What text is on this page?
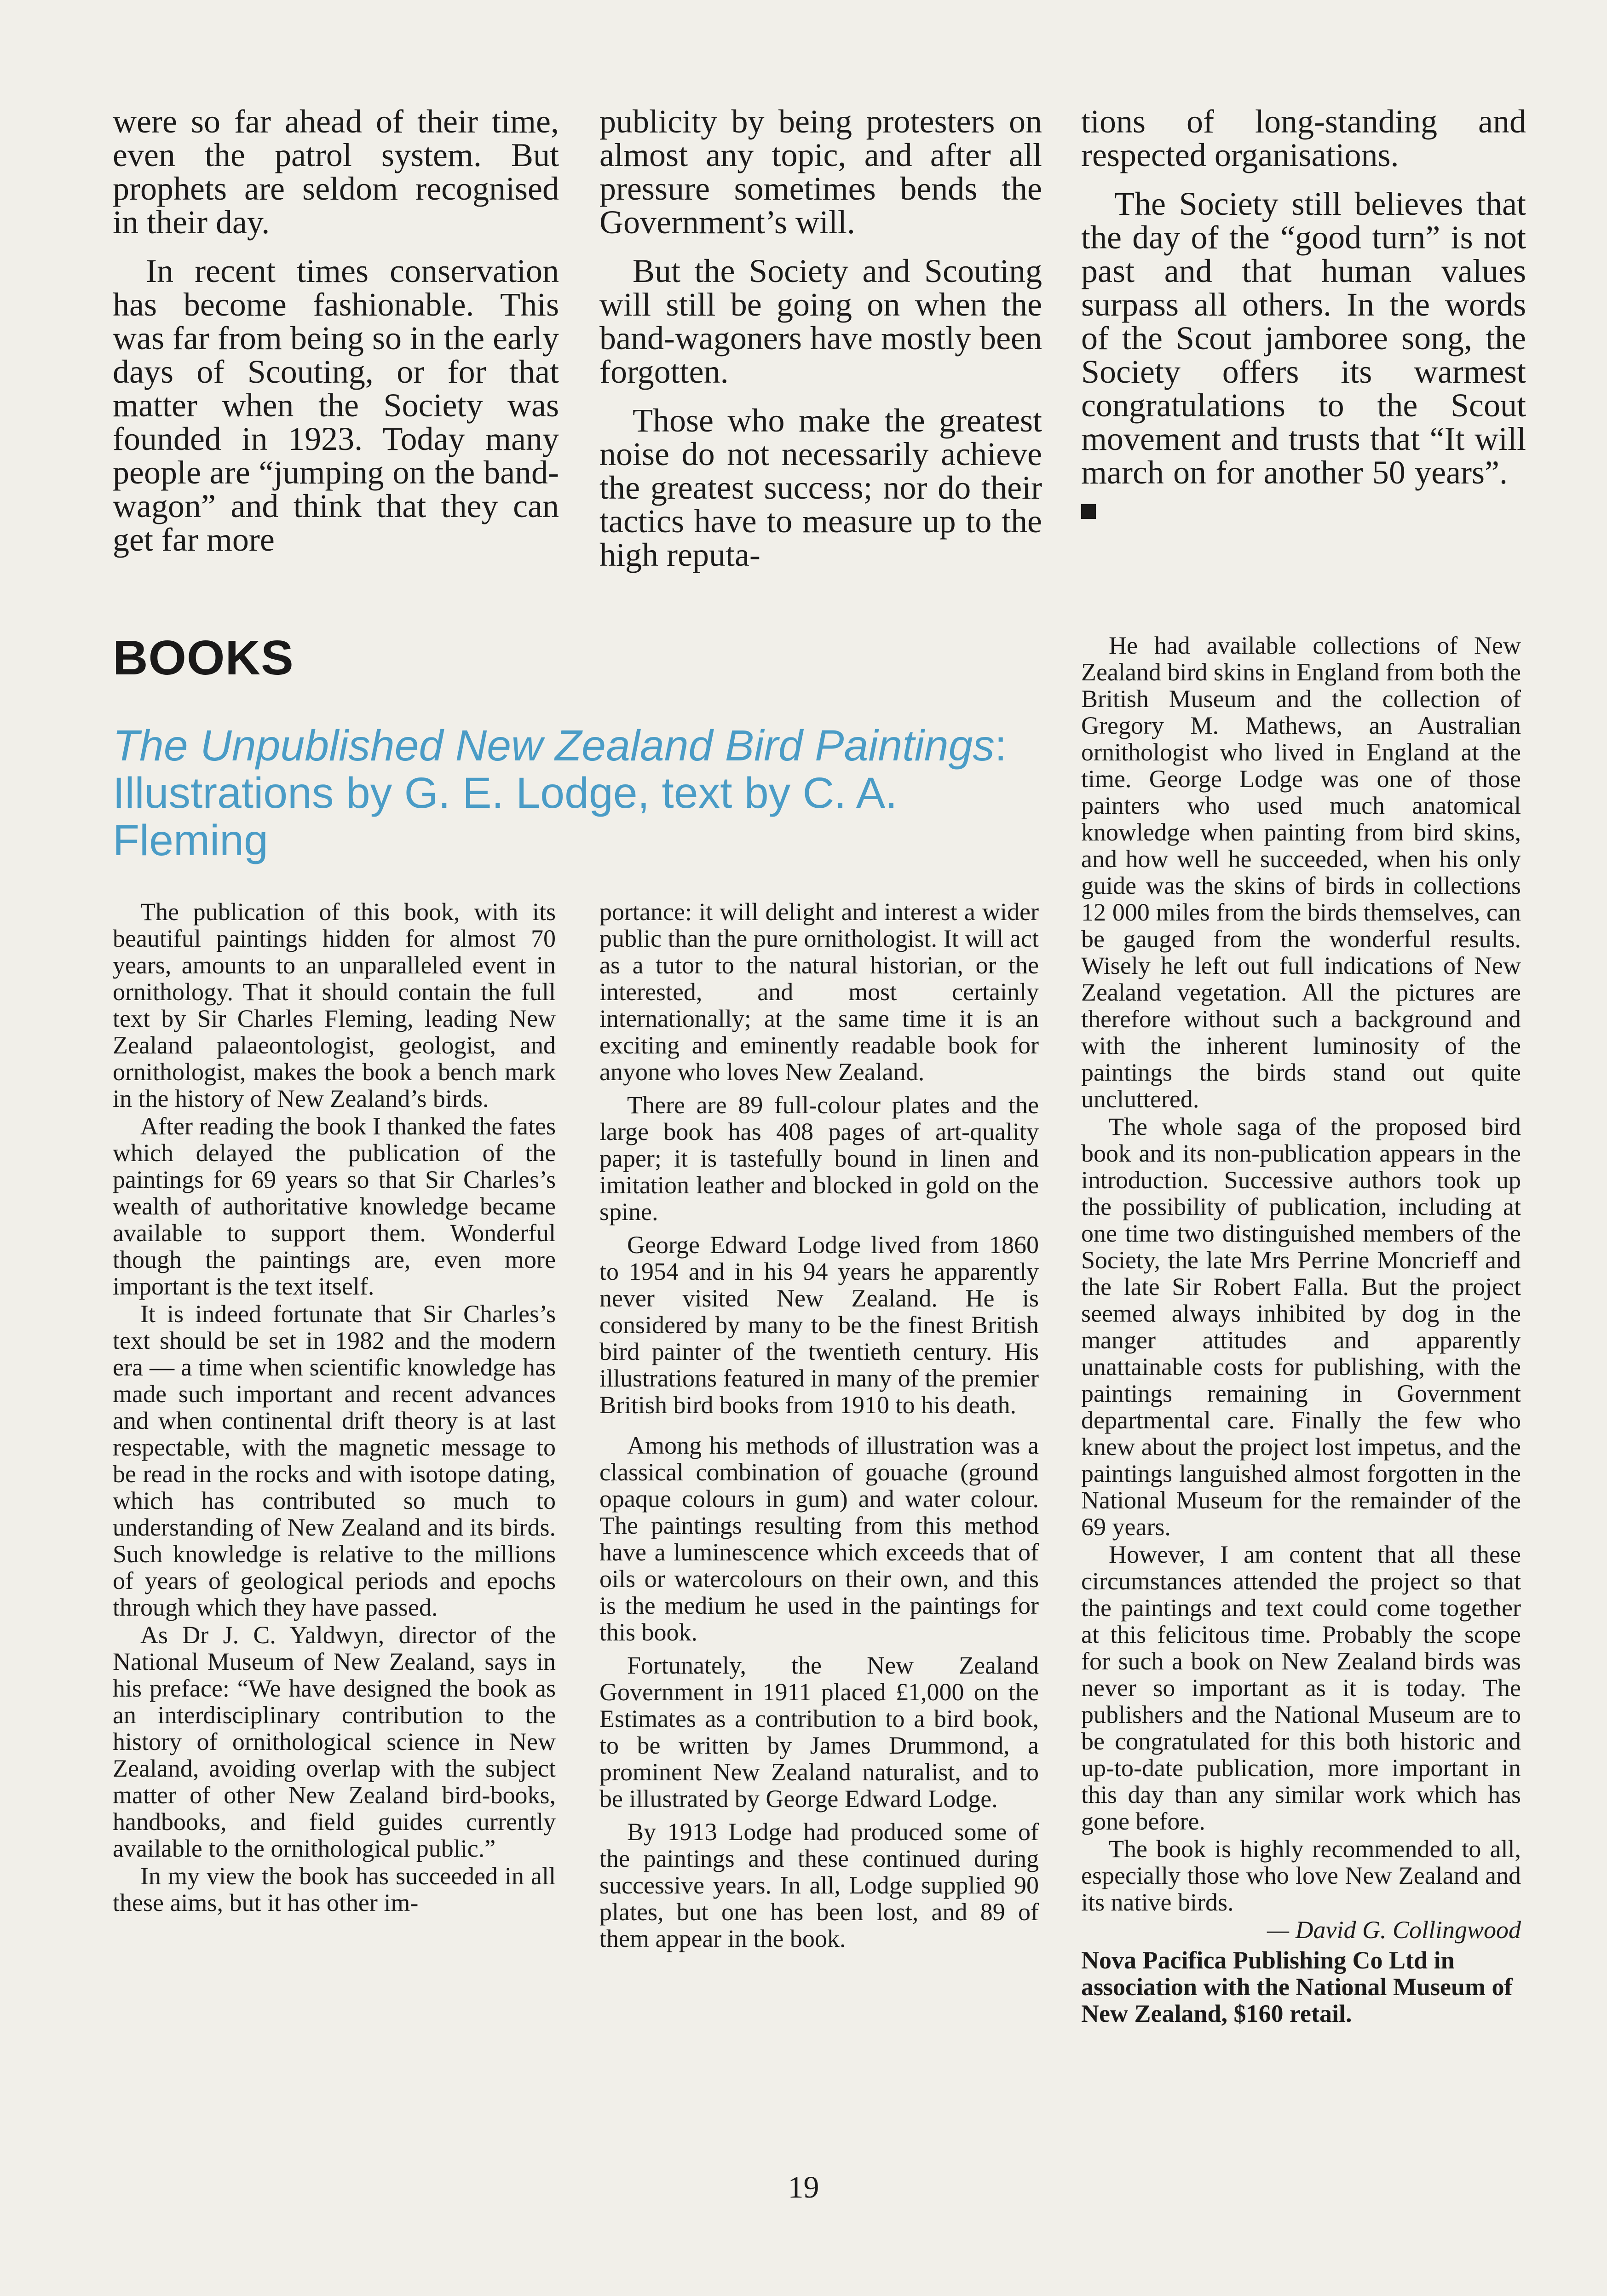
were so far ahead of their time, even the patrol system. But prophets are seldom recognised in their day.

In recent times conservation has become fashionable. This was far from being so in the early days of Scouting, or for that matter when the Society was founded in 1923. Today many people are “jumping on the band-wagon” and think that they can get far more

publicity by being protesters on almost any topic, and after all pressure sometimes bends the Government’s will.

But the Society and Scouting will still be going on when the band-wagoners have mostly been forgotten.

Those who make the greatest noise do not necessarily achieve the greatest success; nor do their tactics have to measure up to the high reputa-

tions of long-standing and respected organisations.

The Society still believes that the day of the “good turn” is not past and that human values surpass all others. In the words of the Scout jamboree song, the Society offers its warmest congratulations to the Scout movement and trusts that “It will march on for another 50 years”.

BOOKS
The Unpublished New Zealand Bird Paintings: Illustrations by G. E. Lodge, text by C. A. Fleming

The publication of this book, with its beautiful paintings hidden for almost 70 years, amounts to an unparalleled event in ornithology. That it should contain the full text by Sir Charles Fleming, leading New Zealand palaeontologist, geologist, and ornithologist, makes the book a bench mark in the history of New Zealand’s birds.

After reading the book I thanked the fates which delayed the publication of the paintings for 69 years so that Sir Charles’s wealth of authoritative knowledge became available to support them. Wonderful though the paintings are, even more important is the text itself.

It is indeed fortunate that Sir Charles’s text should be set in 1982 and the modern era — a time when scientific knowledge has made such important and recent advances and when continental drift theory is at last respectable, with the magnetic message to be read in the rocks and with isotope dating, which has contributed so much to understanding of New Zealand and its birds. Such knowledge is relative to the millions of years of geological periods and epochs through which they have passed.

As Dr J. C. Yaldwyn, director of the National Museum of New Zealand, says in his preface: “We have designed the book as an interdisciplinary contribution to the history of ornithological science in New Zealand, avoiding overlap with the subject matter of other New Zealand bird-books, handbooks, and field guides currently available to the ornithological public.”

In my view the book has succeeded in all these aims, but it has other im-

portance: it will delight and interest a wider public than the pure ornithologist. It will act as a tutor to the natural historian, or the interested, and most certainly internationally; at the same time it is an exciting and eminently readable book for anyone who loves New Zealand.

There are 89 full-colour plates and the large book has 408 pages of art-quality paper; it is tastefully bound in linen and imitation leather and blocked in gold on the spine.

George Edward Lodge lived from 1860 to 1954 and in his 94 years he apparently never visited New Zealand. He is considered by many to be the finest British bird painter of the twentieth century. His illustrations featured in many of the premier British bird books from 1910 to his death.

Among his methods of illustration was a classical combination of gouache (ground opaque colours in gum) and water colour. The paintings resulting from this method have a luminescence which exceeds that of oils or watercolours on their own, and this is the medium he used in the paintings for this book.

Fortunately, the New Zealand Government in 1911 placed £1,000 on the Estimates as a contribution to a bird book, to be written by James Drummond, a prominent New Zealand naturalist, and to be illustrated by George Edward Lodge.

By 1913 Lodge had produced some of the paintings and these continued during successive years. In all, Lodge supplied 90 plates, but one has been lost, and 89 of them appear in the book.

He had available collections of New Zealand bird skins in England from both the British Museum and the collection of Gregory M. Mathews, an Australian ornithologist who lived in England at the time. George Lodge was one of those painters who used much anatomical knowledge when painting from bird skins, and how well he succeeded, when his only guide was the skins of birds in collections 12 000 miles from the birds themselves, can be gauged from the wonderful results. Wisely he left out full indications of New Zealand vegetation. All the pictures are therefore without such a background and with the inherent luminosity of the paintings the birds stand out quite uncluttered.

The whole saga of the proposed bird book and its non-publication appears in the introduction. Successive authors took up the possibility of publication, including at one time two distinguished members of the Society, the late Mrs Perrine Moncrieff and the late Sir Robert Falla. But the project seemed always inhibited by dog in the manger attitudes and apparently unattainable costs for publishing, with the paintings remaining in Government departmental care. Finally the few who knew about the project lost impetus, and the paintings languished almost forgotten in the National Museum for the remainder of the 69 years.

However, I am content that all these circumstances attended the project so that the paintings and text could come together at this felicitous time. Probably the scope for such a book on New Zealand birds was never so important as it is today. The publishers and the National Museum are to be congratulated for this both historic and up-to-date publication, more important in this day than any similar work which has gone before.

The book is highly recommended to all, especially those who love New Zealand and its native birds.

— David G. Collingwood

Nova Pacifica Publishing Co Ltd in association with the National Museum of New Zealand, $160 retail.

19
